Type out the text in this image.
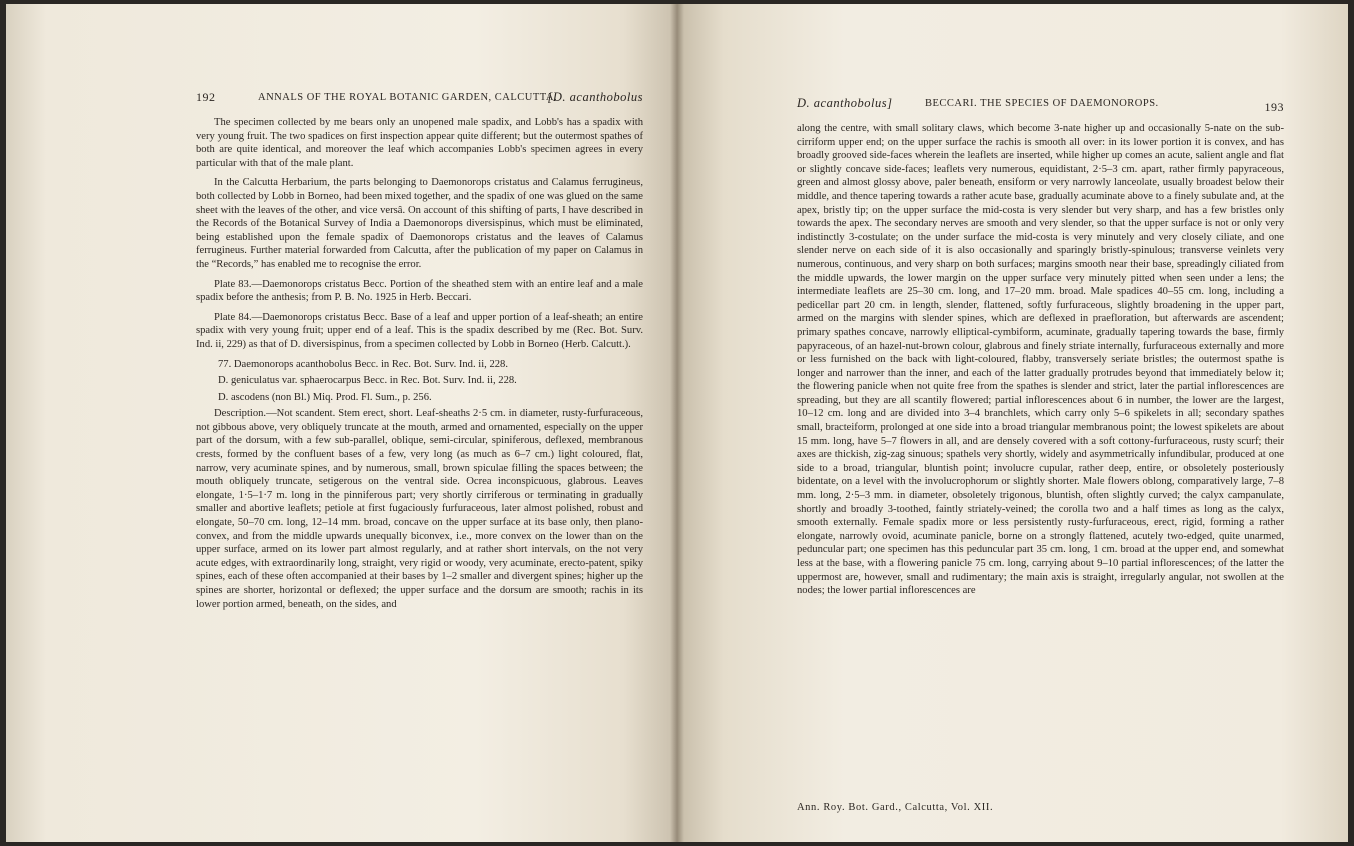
192	ANNALS OF THE ROYAL BOTANIC GARDEN, CALCUTTA.
[D. acanthobolus

The specimen collected by me bears only an unopened male spadix, and Lobb's has a spadix with very young fruit. The two spadices on first inspection appear quite different; but the outermost spathes of both are quite identical, and moreover the leaf which accompanies Lobb's specimen agrees in every particular with that of the male plant.

In the Calcutta Herbarium, the parts belonging to Daemonorops cristatus and Calamus ferrugineus, both collected by Lobb in Borneo, had been mixed together, and the spadix of one was glued on the same sheet with the leaves of the other, and vice versâ. On account of this shifting of parts, I have described in the Records of the Botanical Survey of India a Daemonorops diversispinus, which must be eliminated, being established upon the female spadix of Daemonorops cristatus and the leaves of Calamus ferrugineus. Further material forwarded from Calcutta, after the publication of my paper on Calamus in the “Records,” has enabled me to recognise the error.

Plate 83.—Daemonorops cristatus Becc. Portion of the sheathed stem with an entire leaf and a male spadix before the anthesis; from P. B. No. 1925 in Herb. Beccari.

Plate 84.—Daemonorops cristatus Becc. Base of a leaf and upper portion of a leaf-sheath; an entire spadix with very young fruit; upper end of a leaf. This is the spadix described by me (Rec. Bot. Surv. Ind. ii, 229) as that of D. diversispinus, from a specimen collected by Lobb in Borneo (Herb. Calcutt.).

77. Daemonorops acanthobolus Becc. in Rec. Bot. Surv. Ind. ii, 228.

D. geniculatus var. sphaerocarpus Becc. in Rec. Bot. Surv. Ind. ii, 228.

D. ascodens (non Bl.) Miq. Prod. Fl. Sum., p. 256.

Description.—Not scandent. Stem erect, short. Leaf-sheaths 2·5 cm. in diameter, rusty-furfuraceous, not gibbous above, very obliquely truncate at the mouth, armed and ornamented, especially on the upper part of the dorsum, with a few sub-parallel, oblique, semi-circular, spiniferous, deflexed, membranous crests, formed by the confluent bases of a few, very long (as much as 6–7 cm.) light coloured, flat, narrow, very acuminate spines, and by numerous, small, brown spiculae filling the spaces between; the mouth obliquely truncate, setigerous on the ventral side. Ocrea inconspicuous, glabrous. Leaves elongate, 1·5–1·7 m. long in the pinniferous part; very shortly cirriferous or terminating in gradually smaller and abortive leaflets; petiole at first fugaciously furfuraceous, later almost polished, robust and elongate, 50–70 cm. long, 12–14 mm. broad, concave on the upper surface at its base only, then plano-convex, and from the middle upwards unequally biconvex, i.e., more convex on the lower than on the upper surface, armed on its lower part almost regularly, and at rather short intervals, on the not very acute edges, with extraordinarily long, straight, very rigid or woody, very acuminate, erecto-patent, spiky spines, each of these often accompanied at their bases by 1–2 smaller and divergent spines; higher up the spines are shorter, horizontal or deflexed; the upper surface and the dorsum are smooth; rachis in its lower portion armed, beneath, on the sides, and

D. acanthobolus]	BECCARI. THE SPECIES OF DAEMONOROPS.	193

along the centre, with small solitary claws, which become 3-nate higher up and occasionally 5-nate on the sub-cirriform upper end; on the upper surface the rachis is smooth all over: in its lower portion it is convex, and has broadly grooved side-faces wherein the leaflets are inserted, while higher up comes an acute, salient angle and flat or slightly concave side-faces; leaflets very numerous, equidistant, 2·5–3 cm. apart, rather firmly papyraceous, green and almost glossy above, paler beneath, ensiform or very narrowly lanceolate, usually broadest below their middle, and thence tapering towards a rather acute base, gradually acuminate above to a finely subulate and, at the apex, bristly tip; on the upper surface the mid-costa is very slender but very sharp, and has a few bristles only towards the apex. The secondary nerves are smooth and very slender, so that the upper surface is not or only very indistinctly 3-costulate; on the under surface the mid-costa is very minutely and very closely ciliate, and one slender nerve on each side of it is also occasionally and sparingly bristly-spinulous; transverse veinlets very numerous, continuous, and very sharp on both surfaces; margins smooth near their base, spreadingly ciliated from the middle upwards, the lower margin on the upper surface very minutely pitted when seen under a lens; the intermediate leaflets are 25–30 cm. long, and 17–20 mm. broad. Male spadices 40–55 cm. long, including a pedicellar part 20 cm. in length, slender, flattened, softly furfuraceous, slightly broadening in the upper part, armed on the margins with slender spines, which are deflexed in praefloration, but afterwards are ascendent; primary spathes concave, narrowly elliptical-cymbiform, acuminate, gradually tapering towards the base, firmly papyraceous, of an hazel-nut-brown colour, glabrous and finely striate internally, furfuraceous externally and more or less furnished on the back with light-coloured, flabby, transversely seriate bristles; the outermost spathe is longer and narrower than the inner, and each of the latter gradually protrudes beyond that immediately below it; the flowering panicle when not quite free from the spathes is slender and strict, later the partial inflorescences are spreading, but they are all scantily flowered; partial inflorescences about 6 in number, the lower are the largest, 10–12 cm. long and are divided into 3–4 branchlets, which carry only 5–6 spikelets in all; secondary spathes small, bracteiform, prolonged at one side into a broad triangular membranous point; the lowest spikelets are about 15 mm. long, have 5–7 flowers in all, and are densely covered with a soft cottony-furfuraceous, rusty scurf; their axes are thickish, zig-zag sinuous; spathels very shortly, widely and asymmetrically infundibular, produced at one side to a broad, triangular, bluntish point; involucre cupular, rather deep, entire, or obsoletely posteriously bidentate, on a level with the involucrophorum or slightly shorter. Male flowers oblong, comparatively large, 7–8 mm. long, 2·5–3 mm. in diameter, obsoletely trigonous, bluntish, often slightly curved; the calyx campanulate, shortly and broadly 3-toothed, faintly striately-veined; the corolla two and a half times as long as the calyx, smooth externally. Female spadix more or less persistently rusty-furfuraceous, erect, rigid, forming a rather elongate, narrowly ovoid, acuminate panicle, borne on a strongly flattened, acutely two-edged, quite unarmed, peduncular part; one specimen has this peduncular part 35 cm. long, 1 cm. broad at the upper end, and somewhat less at the base, with a flowering panicle 75 cm. long, carrying about 9–10 partial inflorescences; of the latter the uppermost are, however, small and rudimentary; the main axis is straight, irregularly angular, not swollen at the nodes; the lower partial inflorescences are

Ann. Roy. Bot. Gard., Calcutta, Vol. XII.
